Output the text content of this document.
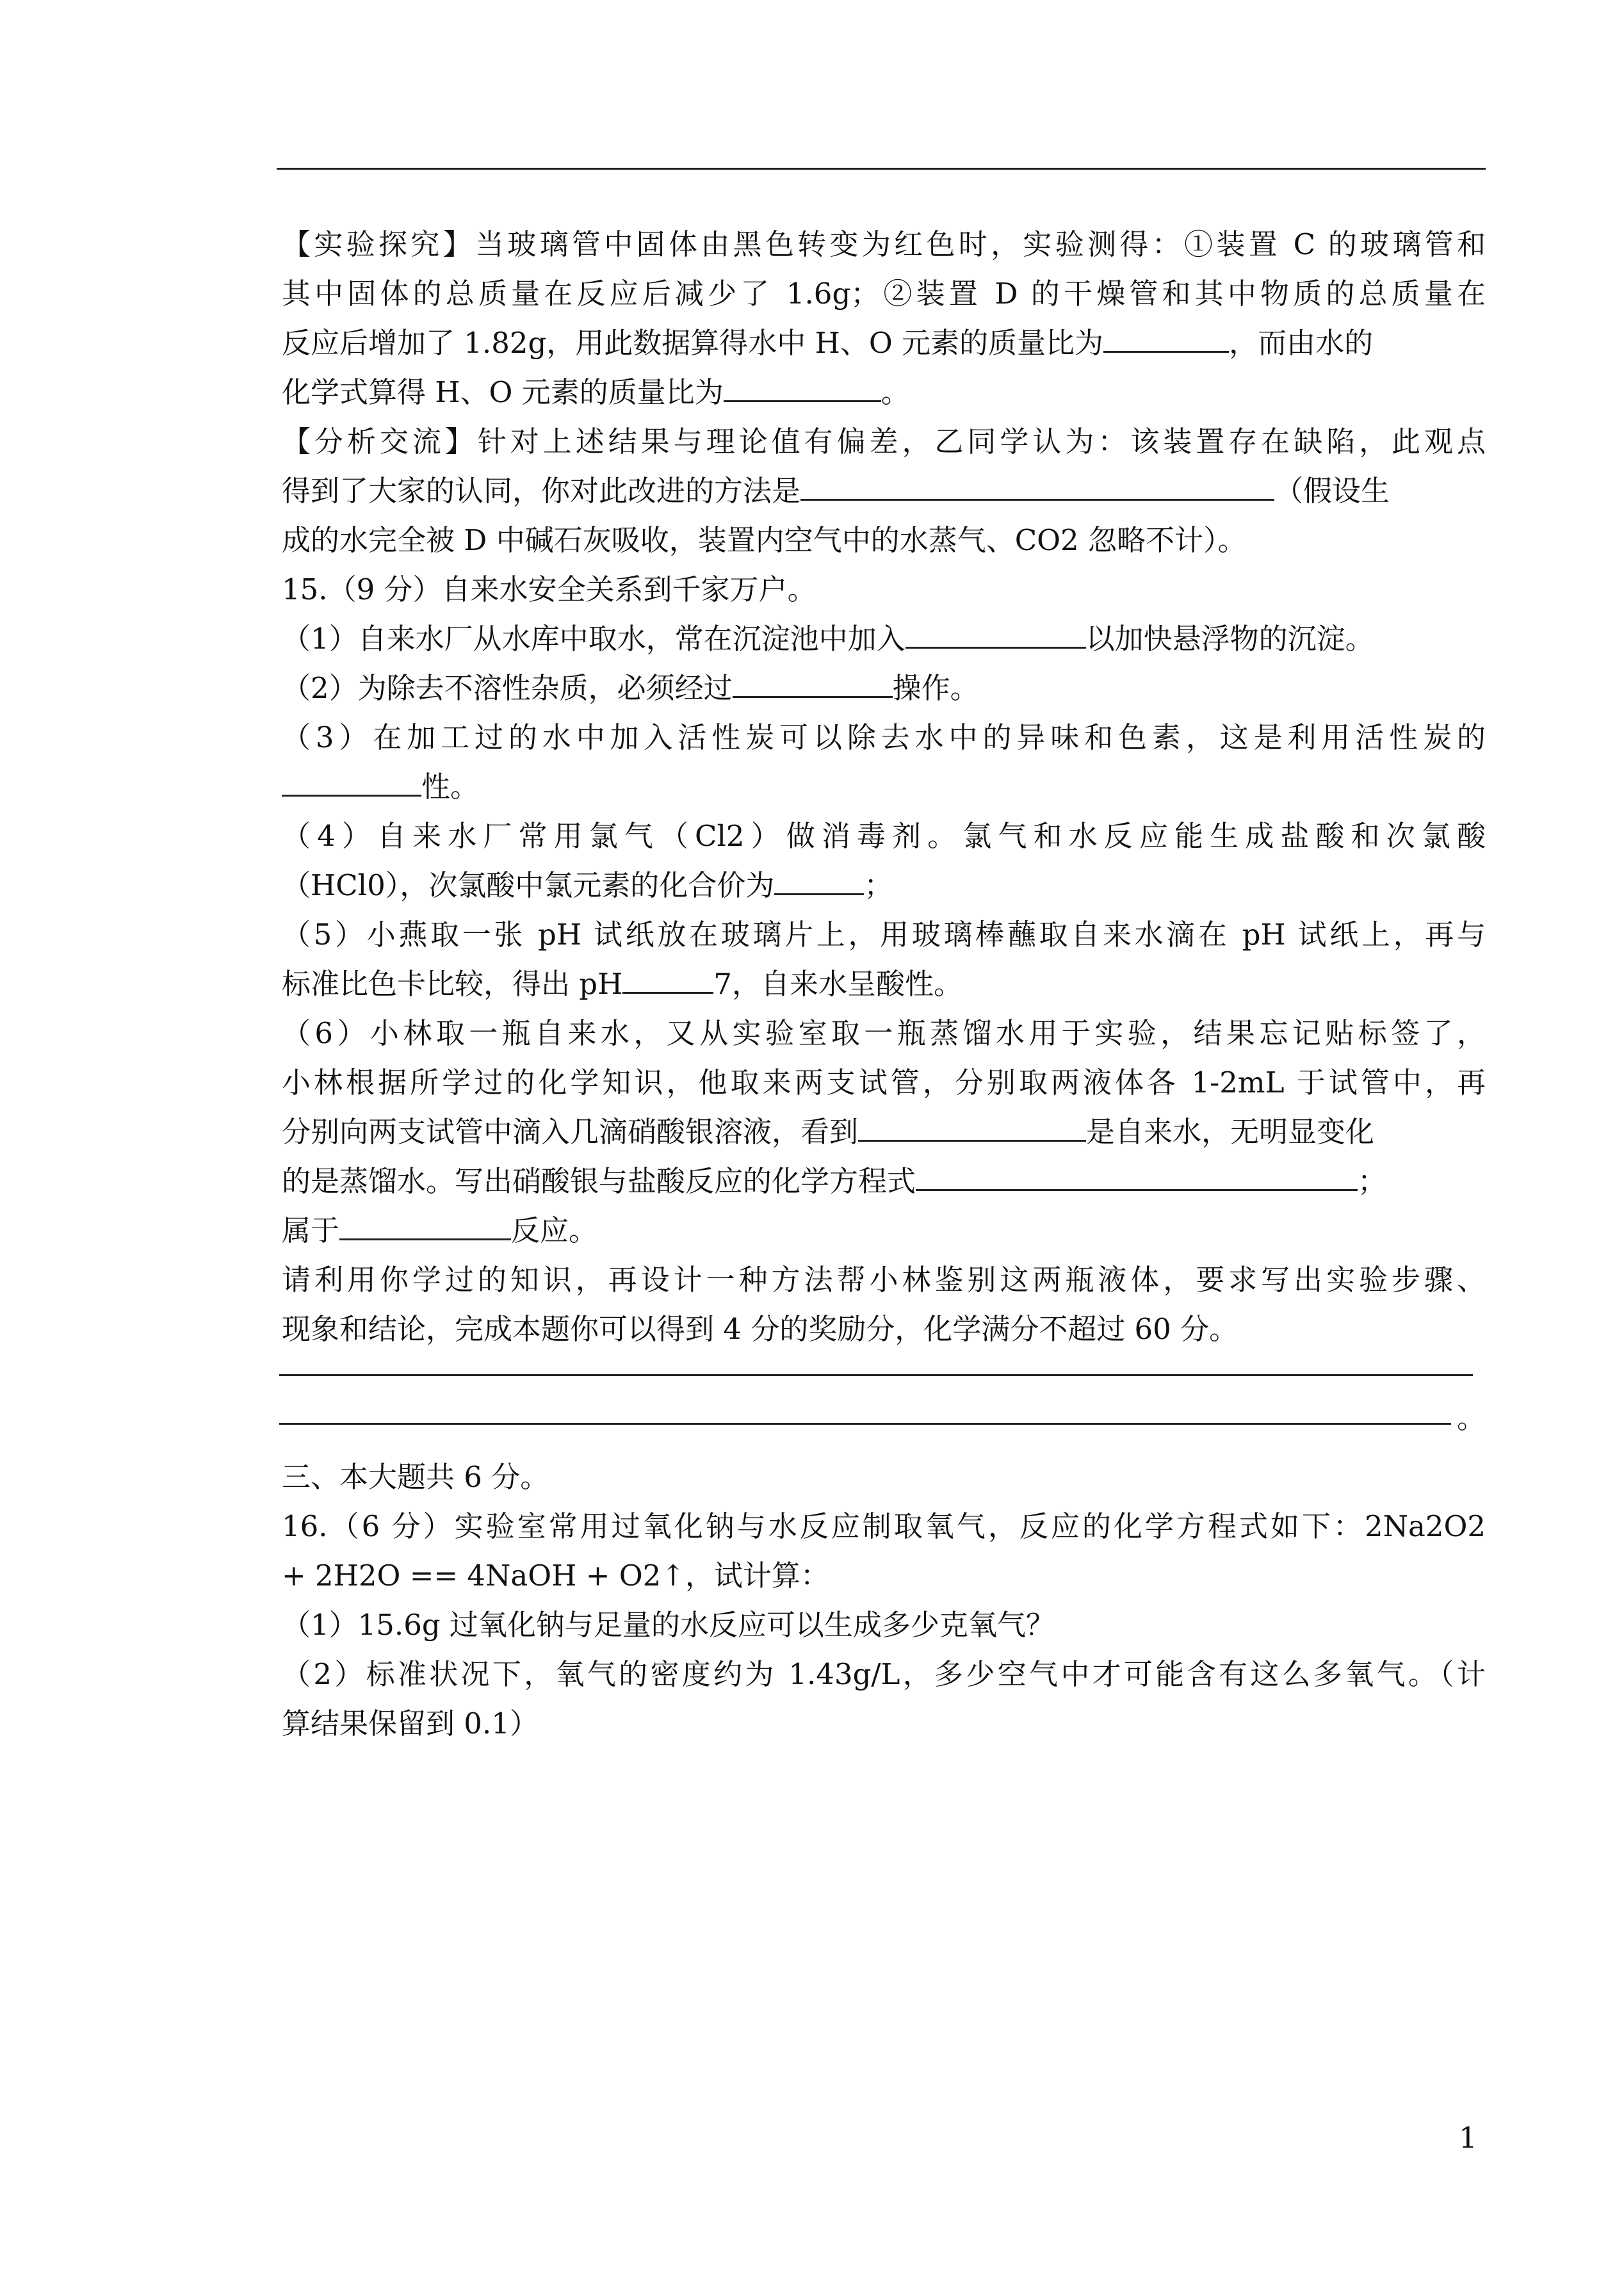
【实验探究】当玻璃管中固体由黑色转变为红色时，实验测得：①装置 C 的玻璃管和
其中固体的总质量在反应后减少了 1.6g；②装置 D 的干燥管和其中物质的总质量在
反应后增加了 1.82g，用此数据算得水中 H、O 元素的质量比为	，而由水的
化学式算得 H、O 元素的质量比为	。
【分析交流】针对上述结果与理论值有偏差，乙同学认为：该装置存在缺陷，此观点
得到了大家的认同，你对此改进的方法是	（假设生
成的水完全被 D 中碱石灰吸收，装置内空气中的水蒸气、CO2 忽略不计）。
15.（9 分）自来水安全关系到千家万户。
（1）自来水厂从水库中取水，常在沉淀池中加入	以加快悬浮物的沉淀。
（2）为除去不溶性杂质，必须经过	操作。
（3）在加工过的水中加入活性炭可以除去水中的异味和色素，这是利用活性炭的
性。
（4）自来水厂常用氯气（Cl2）做消毒剂。氯气和水反应能生成盐酸和次氯酸
（HCl0），次氯酸中氯元素的化合价为	；
（5）小燕取一张 pH 试纸放在玻璃片上，用玻璃棒蘸取自来水滴在 pH 试纸上，再与
标准比色卡比较，得出 pH	7，自来水呈酸性。
（6）小林取一瓶自来水，又从实验室取一瓶蒸馏水用于实验，结果忘记贴标签了，
小林根据所学过的化学知识，他取来两支试管，分别取两液体各 1-2mL 于试管中，再
分别向两支试管中滴入几滴硝酸银溶液，看到	是自来水，无明显变化
的是蒸馏水。写出硝酸银与盐酸反应的化学方程式	；
属于	反应。
请利用你学过的知识，再设计一种方法帮小林鉴别这两瓶液体，要求写出实验步骤、
现象和结论，完成本题你可以得到 4 分的奖励分，化学满分不超过 60 分。
三、本大题共 6 分。
16.（6 分）实验室常用过氧化钠与水反应制取氧气，反应的化学方程式如下：2Na2O2
+ 2H2O == 4NaOH + O2↑，试计算：
（1）15.6g 过氧化钠与足量的水反应可以生成多少克氧气？
（2）标准状况下，氧气的密度约为 1.43g/L，多少空气中才可能含有这么多氧气。（计
算结果保留到 0.1）
。
1
